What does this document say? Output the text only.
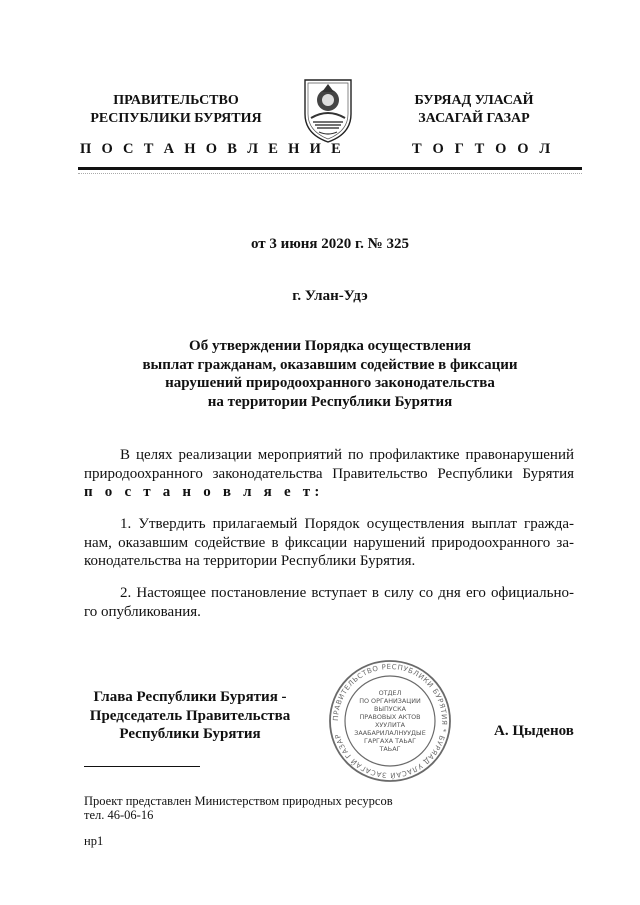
ПРАВИТЕЛЬСТВО
РЕСПУБЛИКИ БУРЯТИЯ
П О С Т А Н О В Л Е Н И Е
БУРЯАД УЛАСАЙ
ЗАСАГАЙ ГАЗАР
Т О Г Т О О Л
от 3 июня 2020 г. № 325
г. Улан-Удэ
Об утверждении Порядка осуществления
выплат гражданам, оказавшим содействие в фиксации
нарушений природоохранного законодательства
на территории Республики Бурятия
В целях реализации мероприятий по профилактике правонарушений
природоохранного законодательства Правительство Республики Бурятия
п о с т а н о в л я е т:
1. Утвердить прилагаемый Порядок осуществления выплат гражда-
нам, оказавшим содействие в фиксации нарушений природоохранного за-
конодательства на территории Республики Бурятия.
2. Настоящее постановление вступает в силу со дня его официально-
го опубликования.
Глава Республики Бурятия -
Председатель Правительства
Республики Бурятия
ПРАВИТЕЛЬСТВО РЕСПУБЛИКИ БУРЯТИЯ * БУРЯАД УЛАСАЙ ЗАСАГАЙ ГАЗАР
ОТДЕЛ
ПО ОРГАНИЗАЦИИ
ВЫПУСКА
ПРАВОВЫХ АКТОВ
ХУУЛИТА
ЗААБАРИЛАЛНУУДЫЕ
ГАРГАХА ТАЬАГ
ТАЬАГ
А. Цыденов
Проект представлен Министерством природных ресурсов
тел. 46-06-16
нр1
